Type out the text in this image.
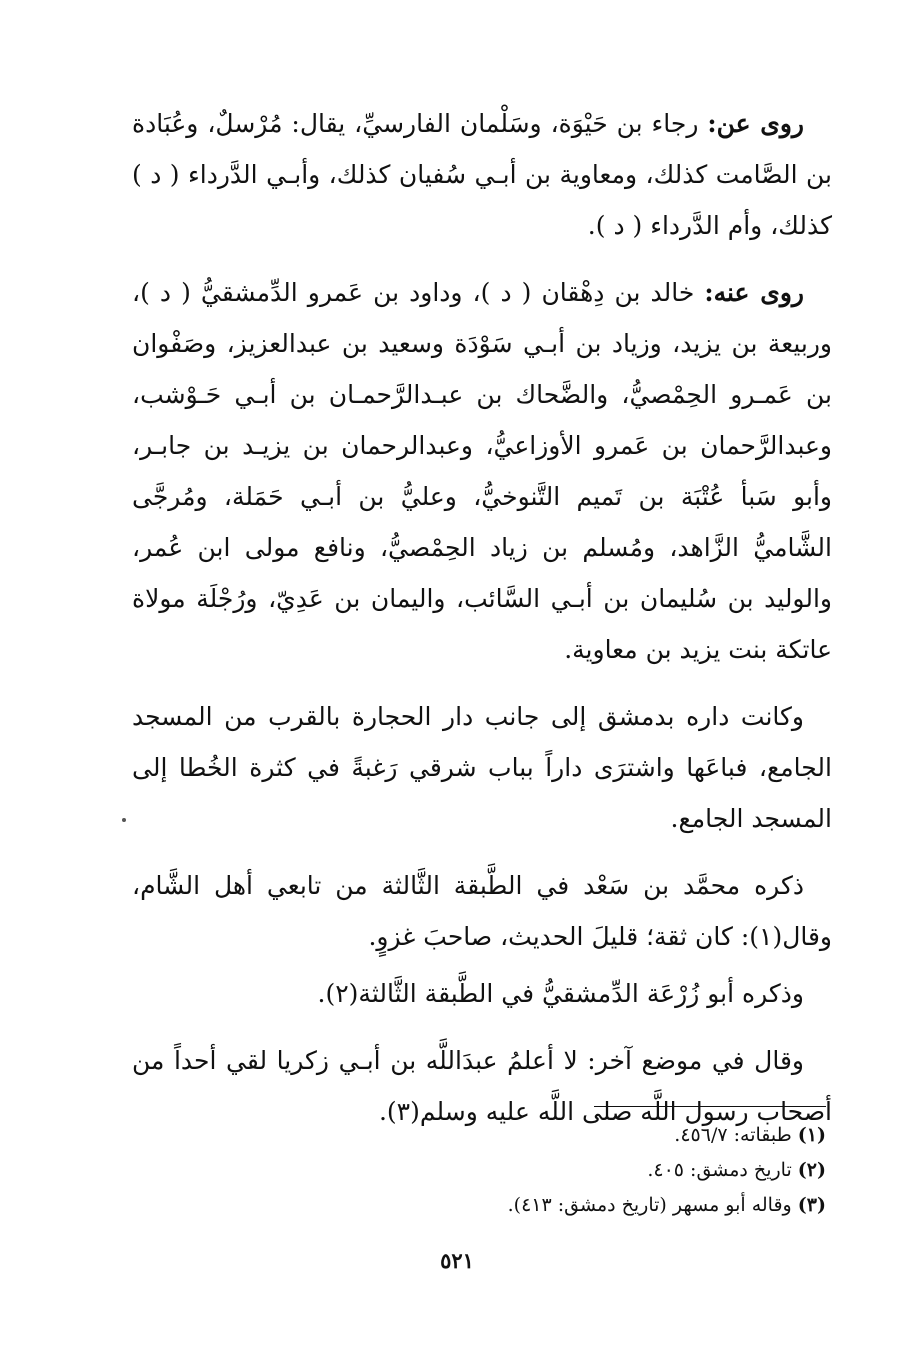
روى عن: رجاء بن حَيْوَة، وسَلْمان الفارسيِّ، يقال: مُرْسلٌ، وعُبَادة بن الصَّامت كذلك، ومعاوية بن أبـي سُفيان كذلك، وأبـي الدَّرداء ( د ) كذلك، وأم الدَّرداء ( د ).

روى عنه: خالد بن دِهْقان ( د )، وداود بن عَمرو الدِّمشقيُّ ( د )، وربيعة بن يزيد، وزياد بن أبـي سَوْدَة وسعيد بن عبدالعزيز، وصَفْوان بن عَمـرو الحِمْصيُّ، والضَّحاك بن عبـدالرَّحمـان بن أبـي حَـوْشب، وعبدالرَّحمان بن عَمرو الأوزاعيُّ، وعبدالرحمان بن يزيـد بن جابـر، وأبو سَبأ عُتْبَة بن تَميم التَّنوخيُّ، وعليُّ بن أبـي حَمَلة، ومُرجَّى الشَّاميُّ الزَّاهد، ومُسلم بن زياد الحِمْصيُّ، ونافع مولى ابن عُمر، والوليد بن سُليمان بن أبـي السَّائب، واليمان بن عَدِيّ، ورُجْلَة مولاة عاتكة بنت يزيد بن معاوية.

وكانت داره بدمشق إلى جانب دار الحجارة بالقرب من المسجد الجامع، فباعَها واشترَى داراً بباب شرقي رَغبةً في كثرة الخُطا إلى المسجد الجامع.

ذكره محمَّد بن سَعْد في الطَّبقة الثَّالثة من تابعي أهل الشَّام، وقال(١): كان ثقة؛ قليلَ الحديث، صاحبَ غزوٍ.

وذكره أبو زُرْعَة الدِّمشقيُّ في الطَّبقة الثَّالثة(٢).

وقال في موضع آخر: لا أعلمُ عبدَاللَّه بن أبـي زكريا لقي أحداً من أصحاب رسول اللَّه صلى اللَّه عليه وسلم(٣).

(١) طبقاته: ٤٥٦/٧.

(٢) تاريخ دمشق: ٤٠٥.

(٣) وقاله أبو مسهر (تاريخ دمشق: ٤١٣).

٥٢١
